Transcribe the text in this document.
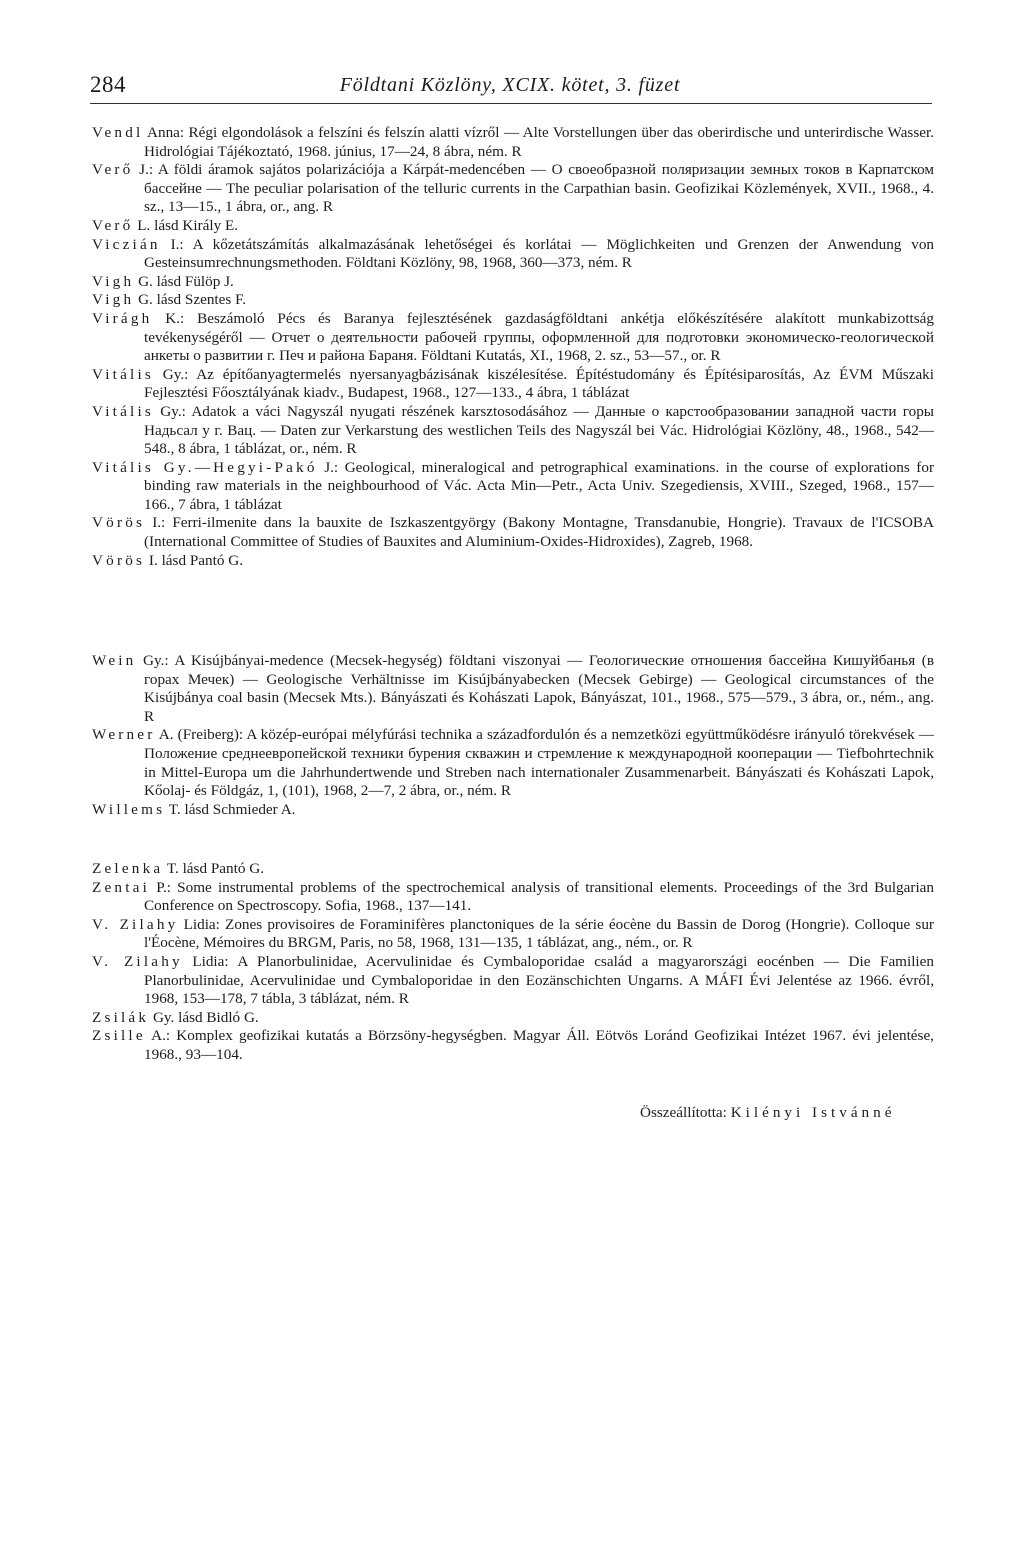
284	Földtani Közlöny, XCIX. kötet, 3. füzet

Vendl Anna: Régi elgondolások a felszíni és felszín alatti vízről — Alte Vorstellungen über das oberirdische und unterirdische Wasser. Hidrológiai Tájékoztató, 1968. június, 17—24, 8 ábra, ném. R

Verő J.: A földi áramok sajátos polarizációja a Kárpát-medencében — О своеобразной поляризации земных токов в Карпатском бассейне — The peculiar polarisation of the telluric currents in the Carpathian basin. Geofizikai Közlemények, XVII., 1968., 4. sz., 13—15., 1 ábra, or., ang. R

Verő L. lásd Király E.

Viczián I.: A kőzetátszámítás alkalmazásának lehetőségei és korlátai — Möglichkeiten und Grenzen der Anwendung von Gesteinsumrechnungsmethoden. Földtani Közlöny, 98, 1968, 360—373, ném. R

Vigh G. lásd Fülöp J.

Vigh G. lásd Szentes F.

Virágh K.: Beszámoló Pécs és Baranya fejlesztésének gazdaságföldtani ankétja előkészítésére alakított munkabizottság tevékenységéről — Отчет о деятельности рабочей группы, оформленной для подготовки экономическо-геологической анкеты о развитии г. Печ и района Бараня. Földtani Kutatás, XI., 1968, 2. sz., 53—57., or. R

Vitális Gy.: Az építőanyagtermelés nyersanyagbázisának kiszélesítése. Építéstudomány és Építésiparosítás, Az ÉVM Műszaki Fejlesztési Főosztályának kiadv., Budapest, 1968., 127—133., 4 ábra, 1 táblázat

Vitális Gy.: Adatok a váci Nagyszál nyugati részének karsztosodásához — Данные о карстообразовании западной части горы Надьсал у г. Вац. — Daten zur Verkarstung des westlichen Teils des Nagyszál bei Vác. Hidrológiai Közlöny, 48., 1968., 542—548., 8 ábra, 1 táblázat, or., ném. R

Vitális Gy.—Hegyi-Pakó J.: Geological, mineralogical and petrographical examinations. in the course of explorations for binding raw materials in the neighbourhood of Vác. Acta Min—Petr., Acta Univ. Szegediensis, XVIII., Szeged, 1968., 157—166., 7 ábra, 1 táblázat

Vörös I.: Ferri-ilmenite dans la bauxite de Iszkaszentgyörgy (Bakony Montagne, Transdanubie, Hongrie). Travaux de l'ICSOBA (International Committee of Studies of Bauxites and Aluminium-Oxides-Hidroxides), Zagreb, 1968.

Vörös I. lásd Pantó G.

Wein Gy.: A Kisújbányai-medence (Mecsek-hegység) földtani viszonyai — Геологические отношения бассейна Кишуйбанья (в горах Мечек) — Geologische Verhältnisse im Kisújbányabecken (Mecsek Gebirge) — Geological circumstances of the Kisújbánya coal basin (Mecsek Mts.). Bányászati és Kohászati Lapok, Bányászat, 101., 1968., 575—579., 3 ábra, or., ném., ang. R

Werner A. (Freiberg): A közép-európai mélyfúrási technika a századfordulón és a nemzetközi együttműködésre irányuló törekvések — Положение среднеевропейской техники бурения скважин и стремление к международной кооперации — Tiefbohrtechnik in Mittel-Europa um die Jahrhundertwende und Streben nach internationaler Zusammenarbeit. Bányászati és Kohászati Lapok, Kőolaj- és Földgáz, 1, (101), 1968, 2—7, 2 ábra, or., ném. R

Willems T. lásd Schmieder A.

Zelenka T. lásd Pantó G.

Zentai P.: Some instrumental problems of the spectrochemical analysis of transitional elements. Proceedings of the 3rd Bulgarian Conference on Spectroscopy. Sofia, 1968., 137—141.

V. Zilahy Lidia: Zones provisoires de Foraminifères planctoniques de la série éocène du Bassin de Dorog (Hongrie). Colloque sur l'Éocène, Mémoires du BRGM, Paris, no 58, 1968, 131—135, 1 táblázat, ang., ném., or. R

V. Zilahy Lidia: A Planorbulinidae, Acervulinidae és Cymbaloporidae család a magyarországi eocénben — Die Familien Planorbulinidae, Acervulinidae und Cymbaloporidae in den Eozänschichten Ungarns. A MÁFI Évi Jelentése az 1966. évről, 1968, 153—178, 7 tábla, 3 táblázat, ném. R

Zsilák Gy. lásd Bidló G.

Zsille A.: Komplex geofizikai kutatás a Börzsöny-hegységben. Magyar Áll. Eötvös Loránd Geofizikai Intézet 1967. évi jelentése, 1968., 93—104.

Összeállította: Kilényi Istvánné
